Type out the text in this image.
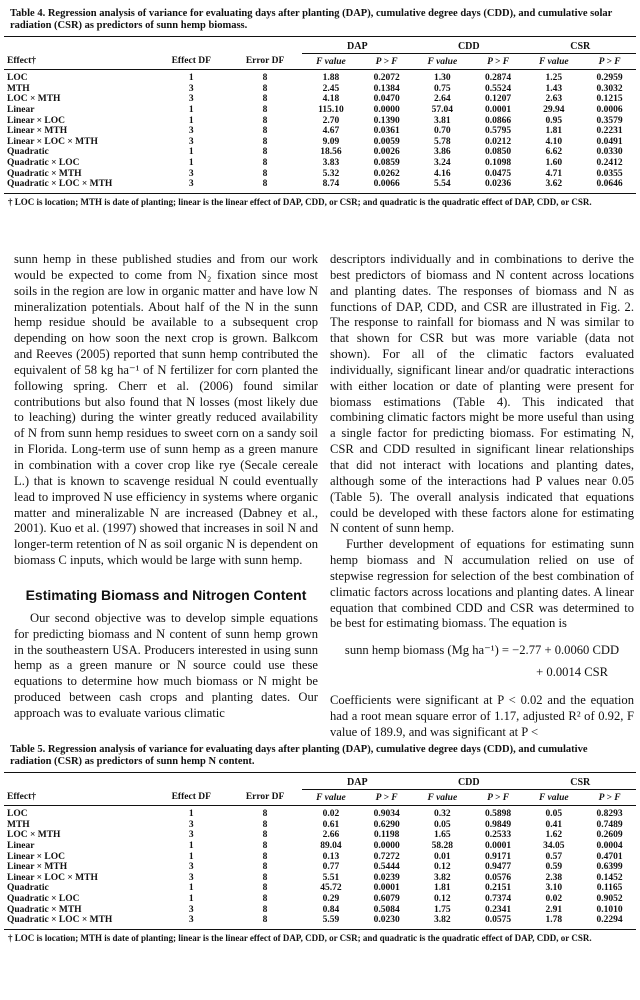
Table 4. Regression analysis of variance for evaluating days after planting (DAP), cumulative degree days (CDD), and cumulative solar radiation (CSR) as predictors of sunn hemp biomass.
			DAP		CDD		CSR	
Effect†	Effect DF	Error DF	F value	P > F	F value	P > F	F value	P > F
LOC	1	8	1.88	0.2072	1.30	0.2874	1.25	0.2959
MTH	3	8	2.45	0.1384	0.75	0.5524	1.43	0.3032
LOC × MTH	3	8	4.18	0.0470	2.64	0.1207	2.63	0.1215
Linear	1	8	115.10	0.0000	57.04	0.0001	29.94	0.0006
Linear × LOC	1	8	2.70	0.1390	3.81	0.0866	0.95	0.3579
Linear × MTH	3	8	4.67	0.0361	0.70	0.5795	1.81	0.2231
Linear × LOC × MTH	3	8	9.09	0.0059	5.78	0.0212	4.10	0.0491
Quadratic	1	8	18.56	0.0026	3.86	0.0850	6.62	0.0330
Quadratic × LOC	1	8	3.83	0.0859	3.24	0.1098	1.60	0.2412
Quadratic × MTH	3	8	5.32	0.0262	4.16	0.0475	4.71	0.0355
Quadratic × LOC × MTH	3	8	8.74	0.0066	5.54	0.0236	3.62	0.0646
† LOC is location; MTH is date of planting; linear is the linear effect of DAP, CDD, or CSR; and quadratic is the quadratic effect of DAP, CDD, or CSR.

sunn hemp in these published studies and from our work would be expected to come from N₂ fixation since most soils in the region are low in organic matter and have low N mineralization potentials. About half of the N in the sunn hemp residue should be available to a subsequent crop depending on how soon the next crop is grown. Balkcom and Reeves (2005) reported that sunn hemp contributed the equivalent of 58 kg ha⁻¹ of N fertilizer for corn planted the following spring. Cherr et al. (2006) found similar contributions but also found that N losses (most likely due to leaching) during the winter greatly reduced availability of N from sunn hemp residues to sweet corn on a sandy soil in Florida. Long-term use of sunn hemp as a green manure in combination with a cover crop like rye (Secale cereale L.) that is known to scavenge residual N could eventually lead to improved N use efficiency in systems where organic matter and mineralizable N are increased (Dabney et al., 2001). Kuo et al. (1997) showed that increases in soil N and longer-term retention of N as soil organic N is dependent on biomass C inputs, which would be large with sunn hemp.

Estimating Biomass and Nitrogen Content

Our second objective was to develop simple equations for predicting biomass and N content of sunn hemp grown in the southeastern USA. Producers interested in using sunn hemp as a green manure or N source could use these equations to determine how much biomass or N might be produced between cash crops and planting dates. Our approach was to evaluate various climatic

descriptors individually and in combinations to derive the best predictors of biomass and N content across locations and planting dates. The responses of biomass and N as functions of DAP, CDD, and CSR are illustrated in Fig. 2. The response to rainfall for biomass and N was similar to that shown for CSR but was more variable (data not shown). For all of the climatic factors evaluated individually, significant linear and/or quadratic interactions with either location or date of planting were present for biomass estimations (Table 4). This indicated that combining climatic factors might be more useful than using a single factor for predicting biomass. For estimating N, CSR and CDD resulted in significant linear relationships that did not interact with locations and planting dates, although some of the interactions had P values near 0.05 (Table 5). The overall analysis indicated that equations could be developed with these factors alone for estimating N content of sunn hemp.

Further development of equations for estimating sunn hemp biomass and N accumulation relied on use of stepwise regression for selection of the best combination of climatic factors across locations and planting dates. A linear equation that combined CDD and CSR was determined to be best for estimating biomass. The equation is

sunn hemp biomass (Mg ha⁻¹) = −2.77 + 0.0060 CDD
+ 0.0014 CSR

Coefficients were significant at P < 0.02 and the equation had a root mean square error of 1.17, adjusted R² of 0.92, F value of 189.9, and was significant at P <

Table 5. Regression analysis of variance for evaluating days after planting (DAP), cumulative degree days (CDD), and cumulative radiation (CSR) as predictors of sunn hemp N content.
			DAP		CDD		CSR	
Effect†	Effect DF	Error DF	F value	P > F	F value	P > F	F value	P > F
LOC	1	8	0.02	0.9034	0.32	0.5898	0.05	0.8293
MTH	3	8	0.61	0.6290	0.05	0.9849	0.41	0.7489
LOC × MTH	3	8	2.66	0.1198	1.65	0.2533	1.62	0.2609
Linear	1	8	89.04	0.0000	58.28	0.0001	34.05	0.0004
Linear × LOC	1	8	0.13	0.7272	0.01	0.9171	0.57	0.4701
Linear × MTH	3	8	0.77	0.5444	0.12	0.9477	0.59	0.6399
Linear × LOC × MTH	3	8	5.51	0.0239	3.82	0.0576	2.38	0.1452
Quadratic	1	8	45.72	0.0001	1.81	0.2151	3.10	0.1165
Quadratic × LOC	1	8	0.29	0.6079	0.12	0.7374	0.02	0.9052
Quadratic × MTH	3	8	0.84	0.5084	1.75	0.2341	2.91	0.1010
Quadratic × LOC × MTH	3	8	5.59	0.0230	3.82	0.0575	1.78	0.2294
† LOC is location; MTH is date of planting; linear is the linear effect of DAP, CDD, or CSR; and quadratic is the quadratic effect of DAP, CDD, or CSR.
